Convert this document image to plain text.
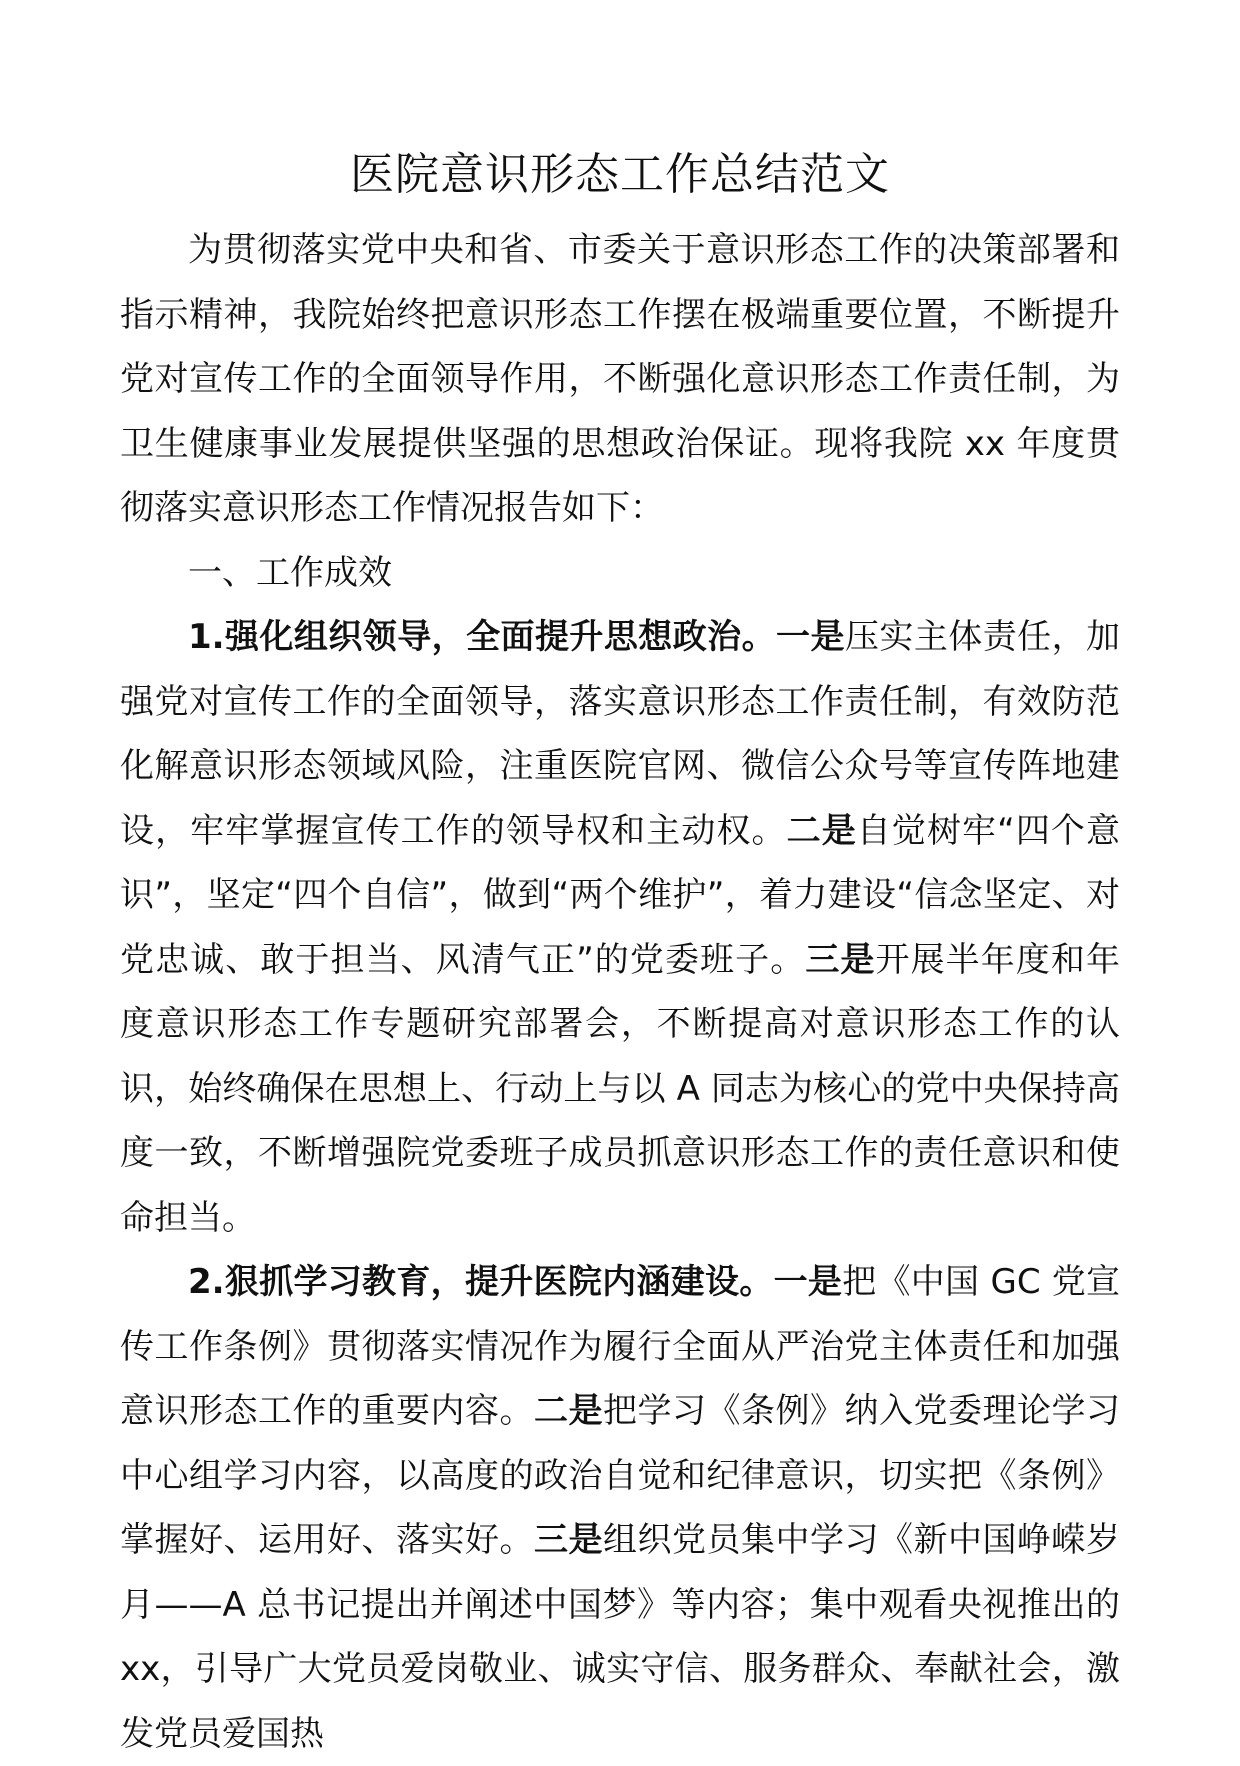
医院意识形态工作总结范文

为贯彻落实党中央和省、市委关于意识形态工作的决策部署和指示精神，我院始终把意识形态工作摆在极端重要位置，不断提升党对宣传工作的全面领导作用，不断强化意识形态工作责任制，为卫生健康事业发展提供坚强的思想政治保证。现将我院 xx 年度贯彻落实意识形态工作情况报告如下：

一、工作成效

1.强化组织领导，全面提升思想政治。一是压实主体责任，加强党对宣传工作的全面领导，落实意识形态工作责任制，有效防范化解意识形态领域风险，注重医院官网、微信公众号等宣传阵地建设，牢牢掌握宣传工作的领导权和主动权。二是自觉树牢“四个意识”，坚定“四个自信”，做到“两个维护”，着力建设“信念坚定、对党忠诚、敢于担当、风清气正”的党委班子。三是开展半年度和年度意识形态工作专题研究部署会，不断提高对意识形态工作的认识，始终确保在思想上、行动上与以 A 同志为核心的党中央保持高度一致，不断增强院党委班子成员抓意识形态工作的责任意识和使命担当。

2.狠抓学习教育，提升医院内涵建设。一是把《中国 GC 党宣传工作条例》贯彻落实情况作为履行全面从严治党主体责任和加强意识形态工作的重要内容。二是把学习《条例》纳入党委理论学习中心组学习内容，以高度的政治自觉和纪律意识，切实把《条例》掌握好、运用好、落实好。三是组织党员集中学习《新中国峥嵘岁月——A 总书记提出并阐述中国梦》等内容；集中观看央视推出的 xx，引导广大党员爱岗敬业、诚实守信、服务群众、奉献社会，激发党员爱国热
